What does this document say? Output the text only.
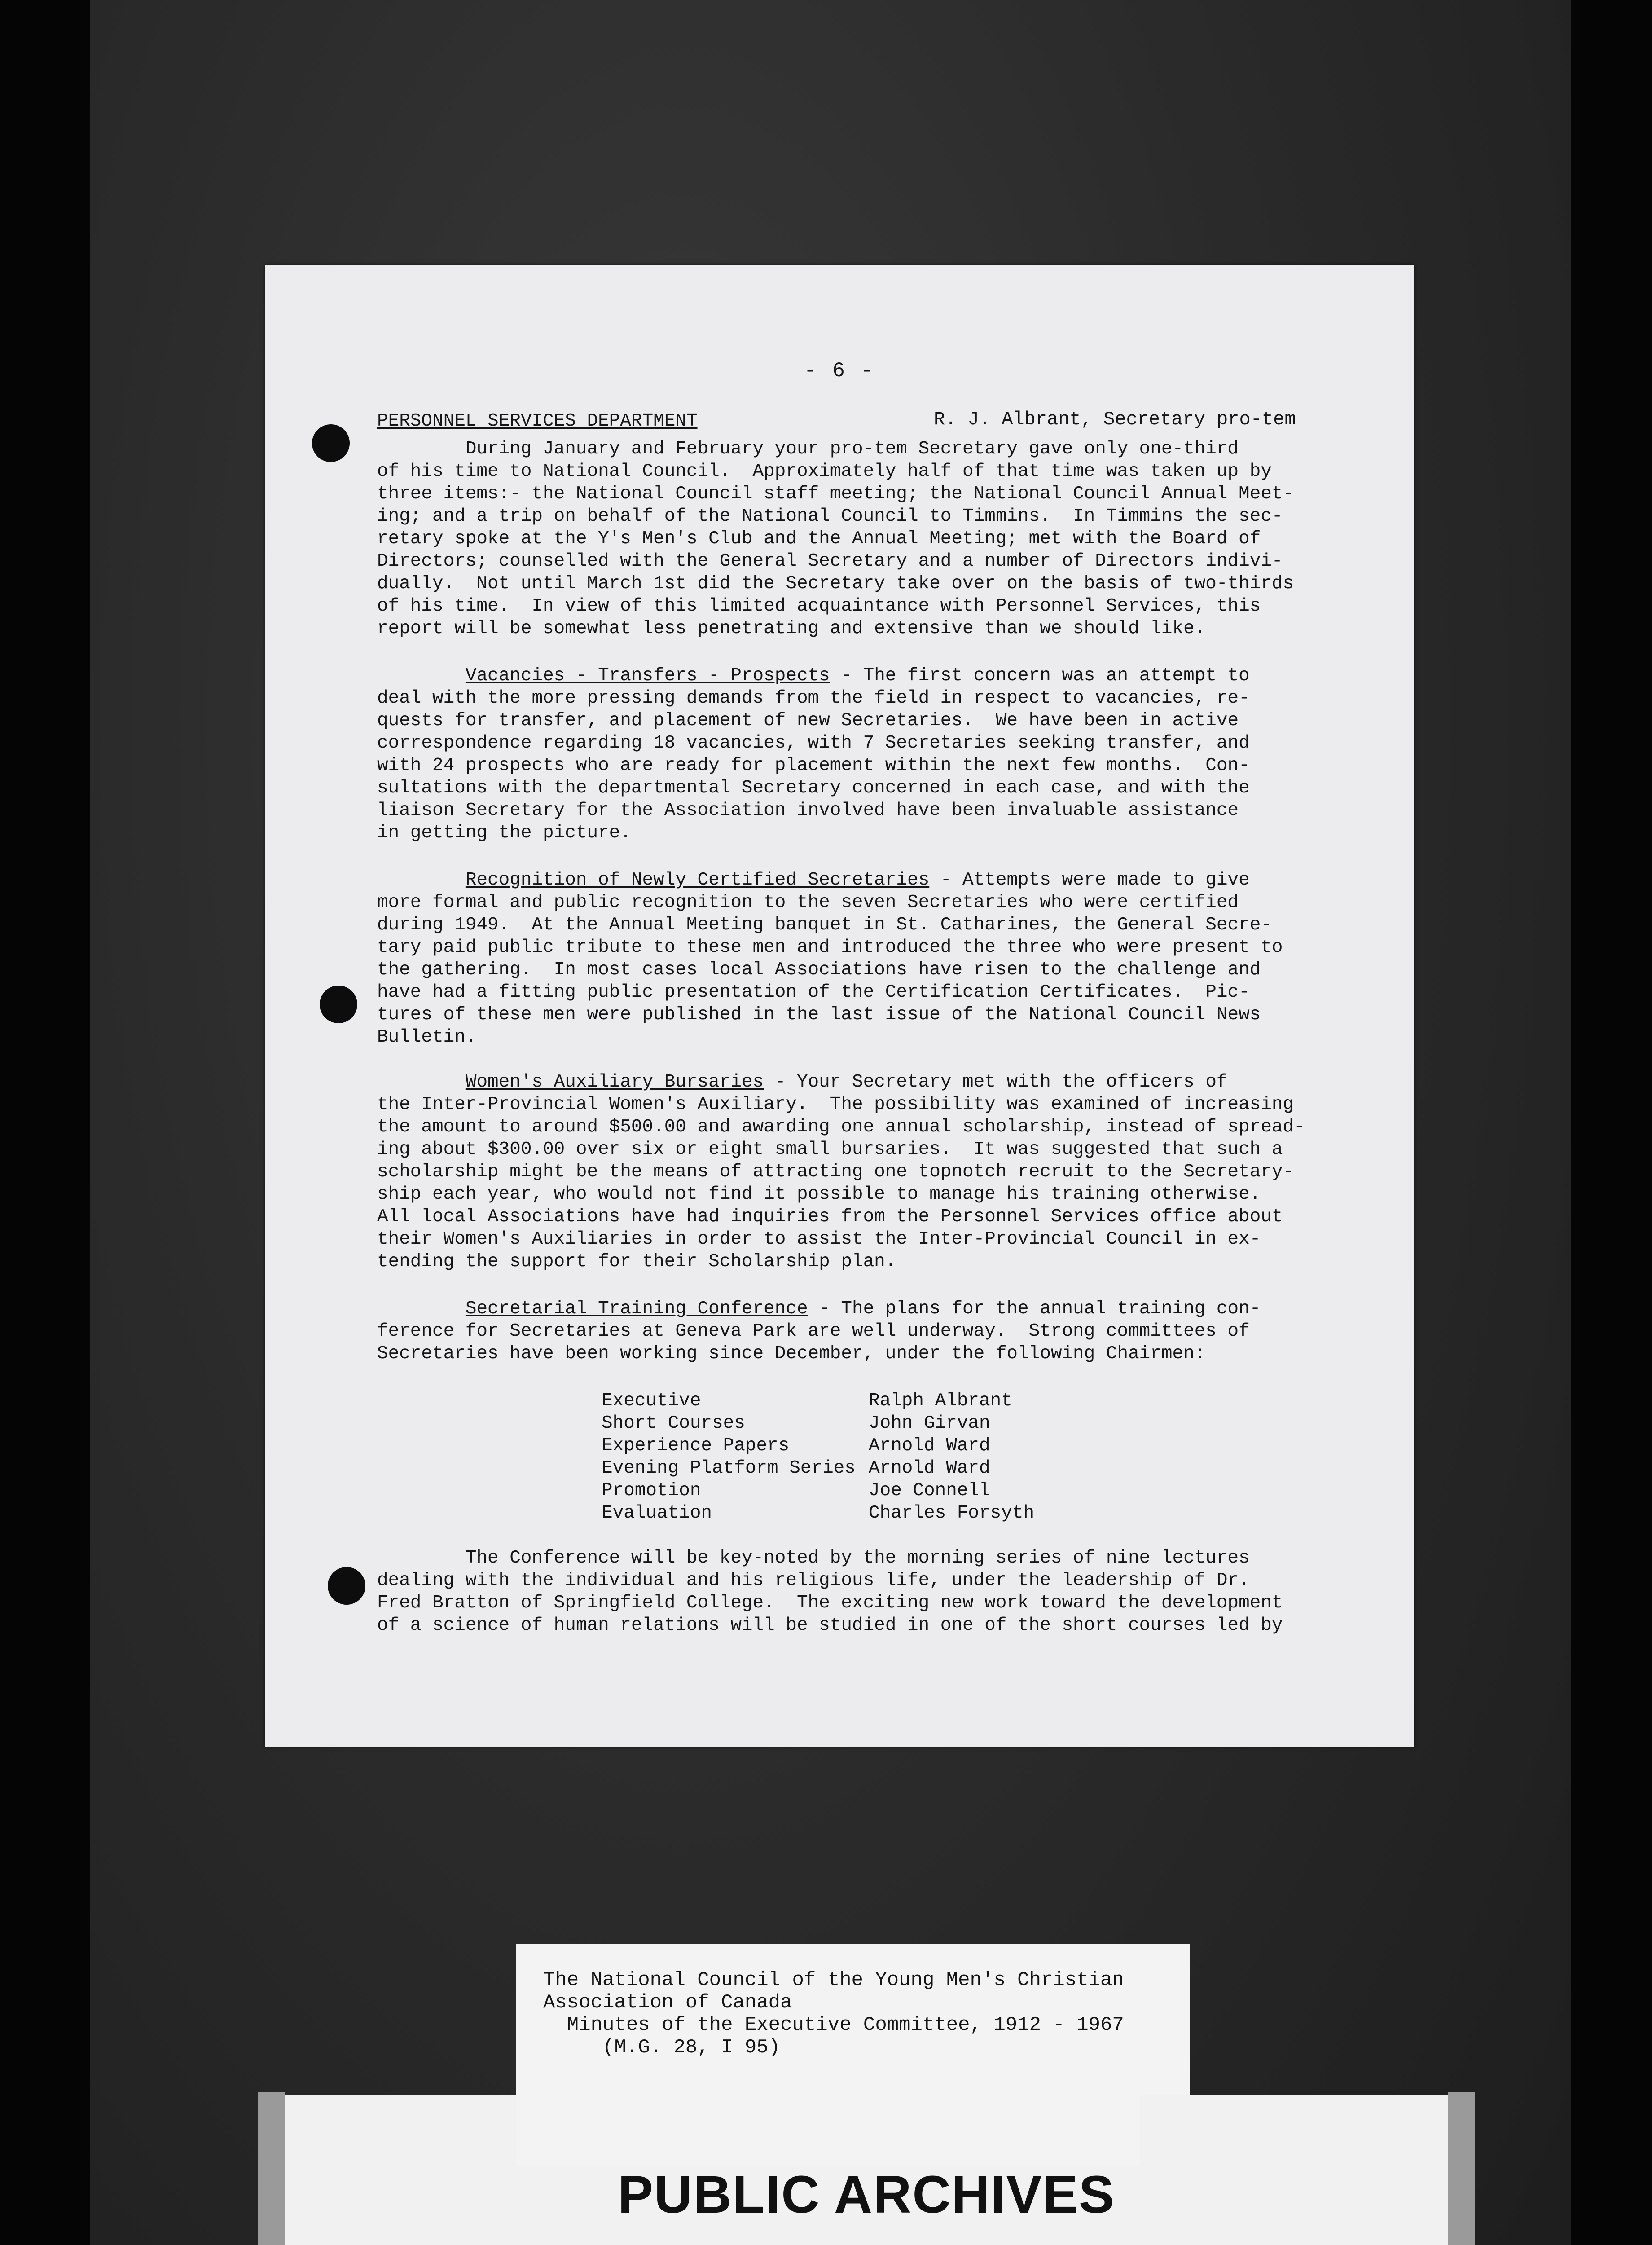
- 6 -
PERSONNEL SERVICES DEPARTMENT	R. J. Albrant, Secretary pro-tem
During January and February your pro-tem Secretary gave only one-third
of his time to National Council.  Approximately half of that time was taken up by
three items:- the National Council staff meeting; the National Council Annual Meet-
ing; and a trip on behalf of the National Council to Timmins.  In Timmins the sec-
retary spoke at the Y's Men's Club and the Annual Meeting; met with the Board of
Directors; counselled with the General Secretary and a number of Directors indivi-
dually.  Not until March 1st did the Secretary take over on the basis of two-thirds
of his time.  In view of this limited acquaintance with Personnel Services, this
report will be somewhat less penetrating and extensive than we should like.
Vacancies - Transfers - Prospects - The first concern was an attempt to
deal with the more pressing demands from the field in respect to vacancies, re-
quests for transfer, and placement of new Secretaries.  We have been in active
correspondence regarding 18 vacancies, with 7 Secretaries seeking transfer, and
with 24 prospects who are ready for placement within the next few months.  Con-
sultations with the departmental Secretary concerned in each case, and with the
liaison Secretary for the Association involved have been invaluable assistance
in getting the picture.
Recognition of Newly Certified Secretaries - Attempts were made to give
more formal and public recognition to the seven Secretaries who were certified
during 1949.  At the Annual Meeting banquet in St. Catharines, the General Secre-
tary paid public tribute to these men and introduced the three who were present to
the gathering.  In most cases local Associations have risen to the challenge and
have had a fitting public presentation of the Certification Certificates.  Pic-
tures of these men were published in the last issue of the National Council News
Bulletin.
Women's Auxiliary Bursaries - Your Secretary met with the officers of
the Inter-Provincial Women's Auxiliary.  The possibility was examined of increasing
the amount to around $500.00 and awarding one annual scholarship, instead of spread-
ing about $300.00 over six or eight small bursaries.  It was suggested that such a
scholarship might be the means of attracting one topnotch recruit to the Secretary-
ship each year, who would not find it possible to manage his training otherwise.
All local Associations have had inquiries from the Personnel Services office about
their Women's Auxiliaries in order to assist the Inter-Provincial Council in ex-
tending the support for their Scholarship plan.
Secretarial Training Conference - The plans for the annual training con-
ference for Secretaries at Geneva Park are well underway.  Strong committees of
Secretaries have been working since December, under the following Chairmen:
Executive	Ralph Albrant
Short Courses	John Girvan
Experience Papers	Arnold Ward
Evening Platform Series Arnold Ward
Promotion	Joe Connell
Evaluation	Charles Forsyth
The Conference will be key-noted by the morning series of nine lectures
dealing with the individual and his religious life, under the leadership of Dr.
Fred Bratton of Springfield College.  The exciting new work toward the development
of a science of human relations will be studied in one of the short courses led by
The National Council of the Young Men's Christian
Association of Canada
Minutes of the Executive Committee, 1912 - 1967
(M.G. 28, I 95)
PUBLIC ARCHIVES
